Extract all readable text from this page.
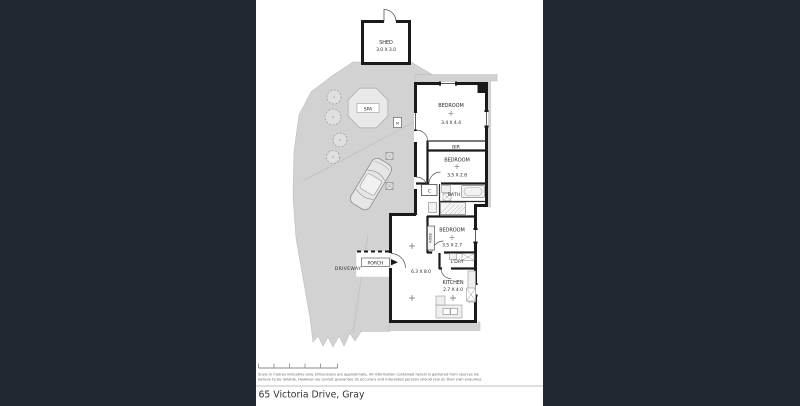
SPA
SHED
3.0 X 3.0
BEDROOM
3.4 X 4.4
BIR
BEDROOM
3.5 X 2.8
C
BATH
BEDROOM
3.5 X 2.7
ROBE
L'DRY
6.3 X 8.0
KITCHEN
2.7 X 4.0
M
PORCH
DRIVEWAY
Scale in metres indicative only. Dimensions are approximate. All information contained herein is gathered from sources we
believe to be reliable. However we cannot guarantee its accuracy and interested persons should rely on their own enquiries.
65 Victoria Drive, Gray
